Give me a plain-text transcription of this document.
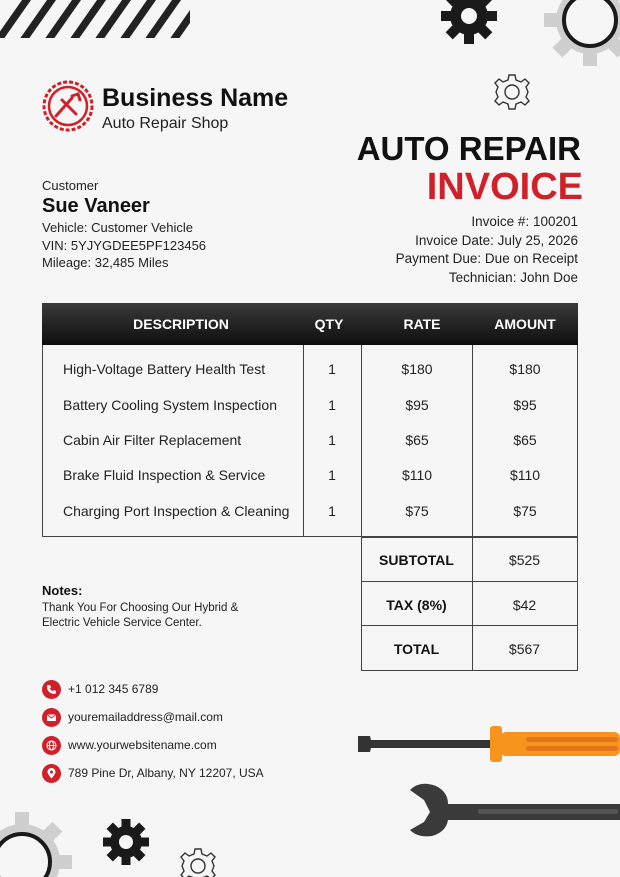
Business Name
Auto Repair Shop
AUTO REPAIR
INVOICE
Invoice #: 100201
Invoice Date: July 25, 2026
Payment Due: Due on Receipt
Technician: John Doe
Customer
Sue Vaneer
Vehicle: Customer Vehicle
VIN: 5YJYGDEE5PF123456
Mileage: 32,485 Miles
DESCRIPTION	QTY	RATE	AMOUNT
High-Voltage Battery Health Test	1	$180	$180
Battery Cooling System Inspection	1	$95	$95
Cabin Air Filter Replacement	1	$65	$65
Brake Fluid Inspection & Service	1	$110	$110
Charging Port Inspection & Cleaning	1	$75	$75
SUBTOTAL	$525
TAX (8%)	$42
TOTAL	$567
Notes:
Thank You For Choosing Our Hybrid & Electric Vehicle Service Center.
+1 012 345 6789
youremailaddress@mail.com
www.yourwebsitename.com
789 Pine Dr, Albany, NY 12207, USA
